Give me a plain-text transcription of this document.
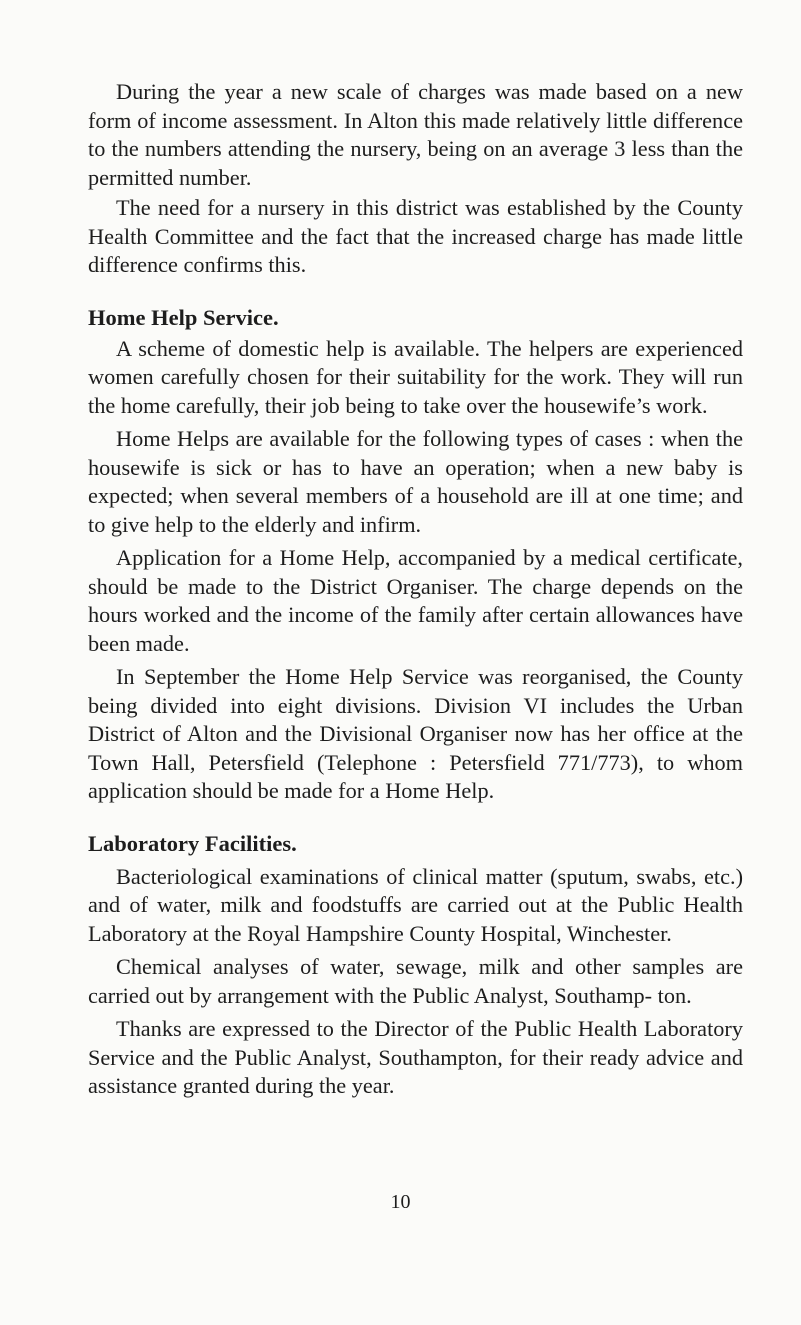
During the year a new scale of charges was made based on a new form of income assessment. In Alton this made relatively little difference to the numbers attending the nursery, being on an average 3 less than the permitted number.

The need for a nursery in this district was established by the County Health Committee and the fact that the increased charge has made little difference confirms this.

Home Help Service.

A scheme of domestic help is available. The helpers are experienced women carefully chosen for their suitability for the work. They will run the home carefully, their job being to take over the housewife’s work.

Home Helps are available for the following types of cases : when the housewife is sick or has to have an operation; when a new baby is expected; when several members of a household are ill at one time; and to give help to the elderly and infirm.

Application for a Home Help, accompanied by a medical certificate, should be made to the District Organiser. The charge depends on the hours worked and the income of the family after certain allowances have been made.

In September the Home Help Service was reorganised, the County being divided into eight divisions. Division VI includes the Urban District of Alton and the Divisional Organiser now has her office at the Town Hall, Petersfield (Telephone : Petersfield 771/773), to whom application should be made for a Home Help.

Laboratory Facilities.

Bacteriological examinations of clinical matter (sputum, swabs, etc.) and of water, milk and foodstuffs are carried out at the Public Health Laboratory at the Royal Hampshire County Hospital, Winchester.

Chemical analyses of water, sewage, milk and other samples are carried out by arrangement with the Public Analyst, Southamp- ton.

Thanks are expressed to the Director of the Public Health Laboratory Service and the Public Analyst, Southampton, for their ready advice and assistance granted during the year.

10
